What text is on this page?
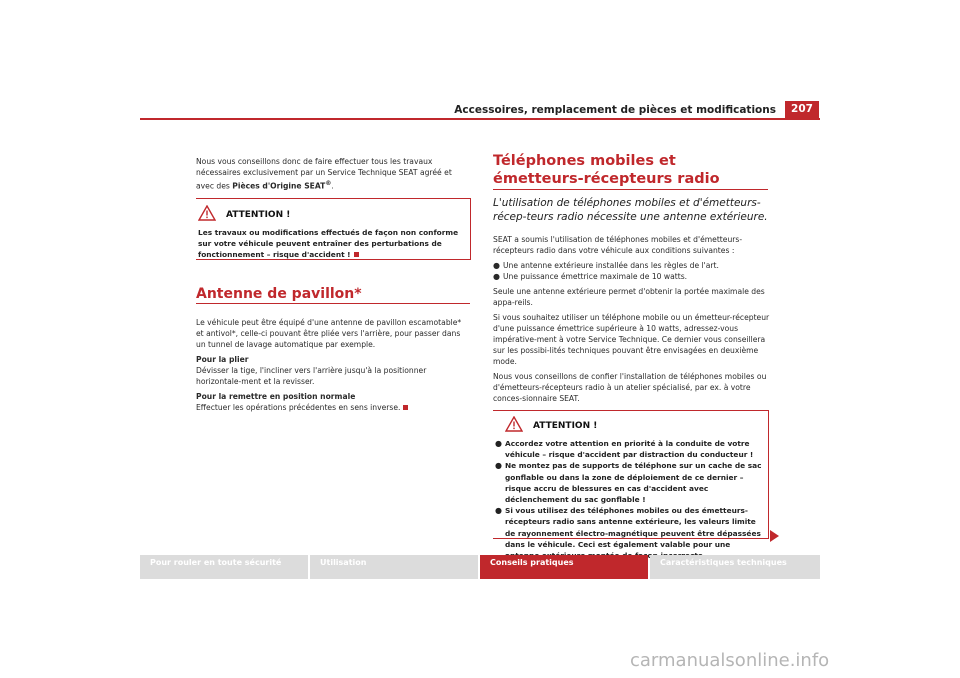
Accessoires, remplacement de pièces et modifications	207
Nous vous conseillons donc de faire effectuer tous les travaux nécessaires exclusivement par un Service Technique SEAT agréé et avec des Pièces d'Origine SEAT®.
ATTENTION !
Les travaux ou modifications effectués de façon non conforme sur votre véhicule peuvent entraîner des perturbations de fonctionnement – risque d'accident !
Antenne de pavillon*

Le véhicule peut être équipé d'une antenne de pavillon escamotable* et antivol*, celle-ci pouvant être pliée vers l'arrière, pour passer dans un tunnel de lavage automatique par exemple.

Pour la plier

Dévisser la tige, l'incliner vers l'arrière jusqu'à la positionner horizontale-ment et la revisser.

Pour la remettre en position normale

Effectuer les opérations précédentes en sens inverse.

Téléphones mobiles et émetteurs-récepteurs radio
L'utilisation de téléphones mobiles et d'émetteurs-récep-teurs radio nécessite une antenne extérieure.

SEAT a soumis l'utilisation de téléphones mobiles et d'émetteurs-récepteurs radio dans votre véhicule aux conditions suivantes :

● Une antenne extérieure installée dans les règles de l'art.
● Une puissance émettrice maximale de 10 watts.

Seule une antenne extérieure permet d'obtenir la portée maximale des appa-reils.

Si vous souhaitez utiliser un téléphone mobile ou un émetteur-récepteur d'une puissance émettrice supérieure à 10 watts, adressez-vous impérative-ment à votre Service Technique. Ce dernier vous conseillera sur les possibi-lités techniques pouvant être envisagées en deuxième mode.

Nous vous conseillons de confier l'installation de téléphones mobiles ou d'émetteurs-récepteurs radio à un atelier spécialisé, par ex. à votre conces-sionnaire SEAT.

ATTENTION !
● Accordez votre attention en priorité à la conduite de votre véhicule – risque d'accident par distraction du conducteur !
● Ne montez pas de supports de téléphone sur un cache de sac gonflable ou dans la zone de déploiement de ce dernier – risque accru de blessures en cas d'accident avec déclenchement du sac gonflable !
● Si vous utilisez des téléphones mobiles ou des émetteurs-récepteurs radio sans antenne extérieure, les valeurs limite de rayonnement électro-magnétique peuvent être dépassées dans le véhicule. Ceci est également valable pour une
Pour rouler en toute sécurité	Utilisation	Conseils pratiques	Caractéristiques techniques
carmanualsonline.info
